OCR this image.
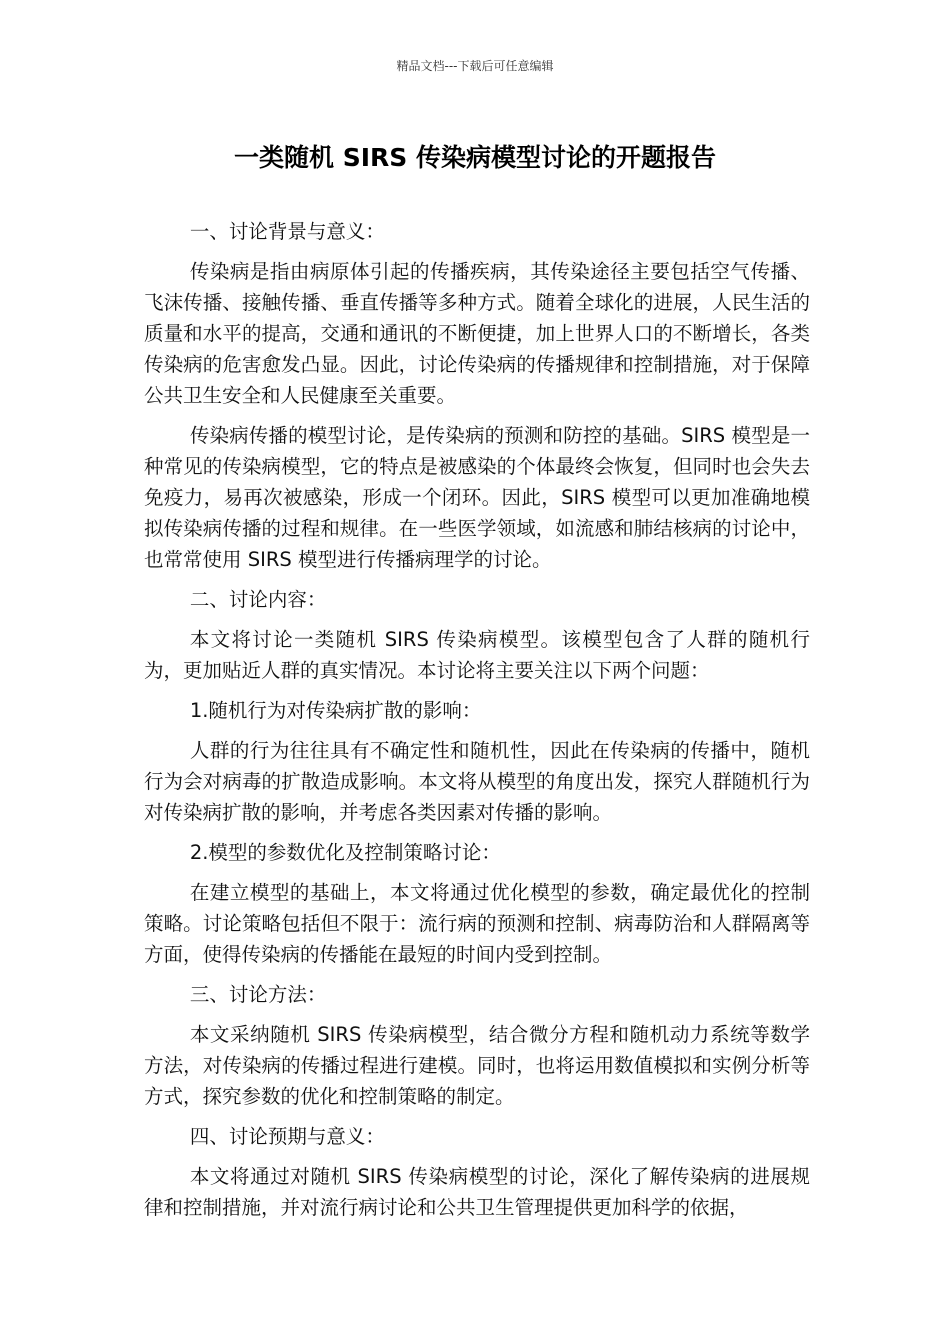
精品文档---下载后可任意编辑
一类随机 SIRS 传染病模型讨论的开题报告

一、讨论背景与意义：

传染病是指由病原体引起的传播疾病，其传染途径主要包括空气传播、飞沫传播、接触传播、垂直传播等多种方式。随着全球化的进展，人民生活的质量和水平的提高，交通和通讯的不断便捷，加上世界人口的不断增长，各类传染病的危害愈发凸显。因此，讨论传染病的传播规律和控制措施，对于保障公共卫生安全和人民健康至关重要。

传染病传播的模型讨论，是传染病的预测和防控的基础。SIRS 模型是一种常见的传染病模型，它的特点是被感染的个体最终会恢复，但同时也会失去免疫力，易再次被感染，形成一个闭环。因此，SIRS 模型可以更加准确地模拟传染病传播的过程和规律。在一些医学领域，如流感和肺结核病的讨论中，也常常使用 SIRS 模型进行传播病理学的讨论。

二、讨论内容：

本文将讨论一类随机 SIRS 传染病模型。该模型包含了人群的随机行为，更加贴近人群的真实情况。本讨论将主要关注以下两个问题：

1.随机行为对传染病扩散的影响：

人群的行为往往具有不确定性和随机性，因此在传染病的传播中，随机行为会对病毒的扩散造成影响。本文将从模型的角度出发，探究人群随机行为对传染病扩散的影响，并考虑各类因素对传播的影响。

2.模型的参数优化及控制策略讨论：

在建立模型的基础上，本文将通过优化模型的参数，确定最优化的控制策略。讨论策略包括但不限于：流行病的预测和控制、病毒防治和人群隔离等方面，使得传染病的传播能在最短的时间内受到控制。

三、讨论方法：

本文采纳随机 SIRS 传染病模型，结合微分方程和随机动力系统等数学方法，对传染病的传播过程进行建模。同时，也将运用数值模拟和实例分析等方式，探究参数的优化和控制策略的制定。

四、讨论预期与意义：

本文将通过对随机 SIRS 传染病模型的讨论，深化了解传染病的进展规律和控制措施，并对流行病讨论和公共卫生管理提供更加科学的依据，
